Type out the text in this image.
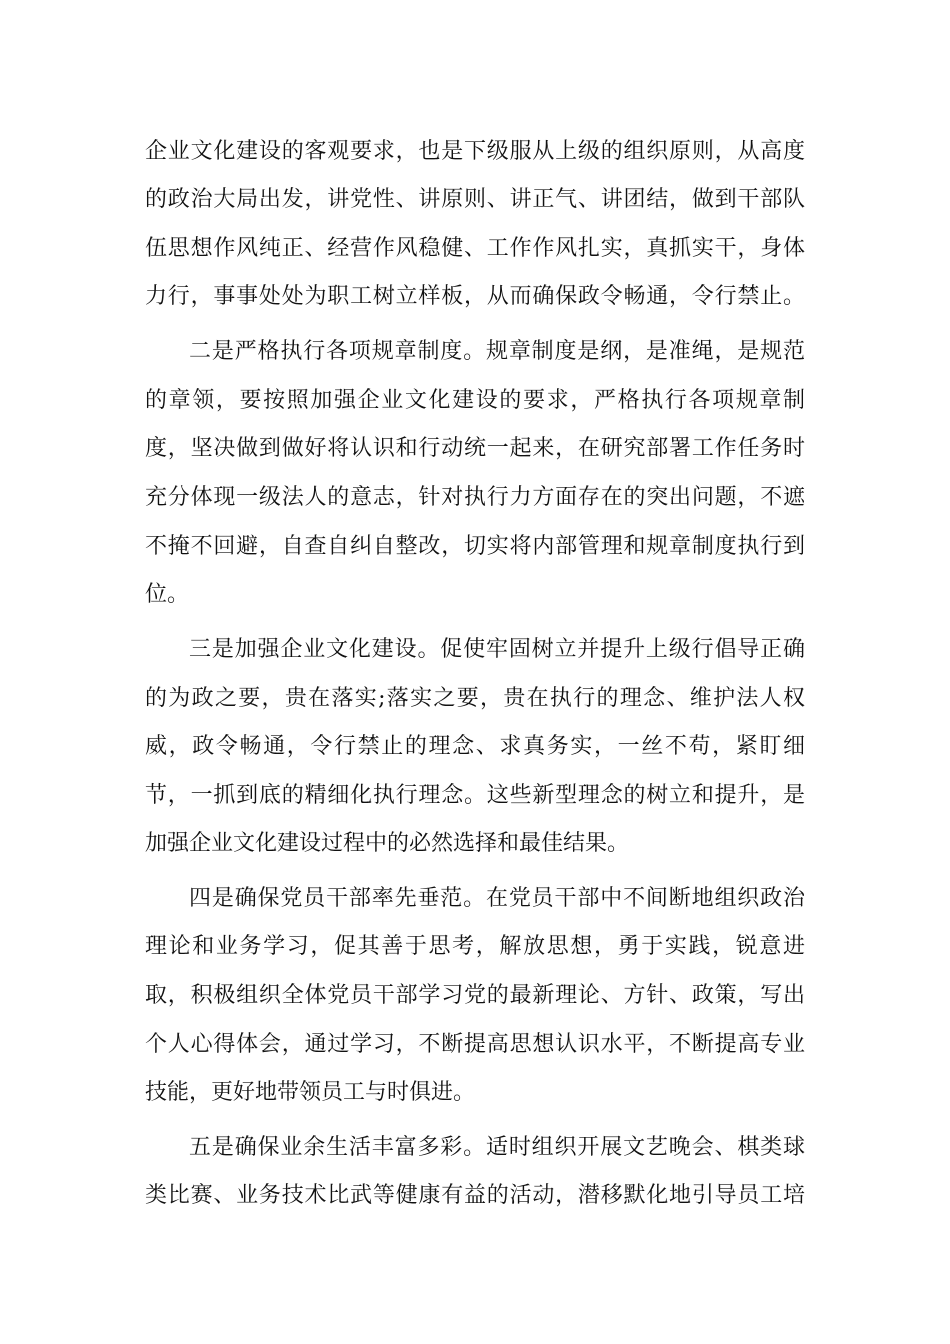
企业文化建设的客观要求，也是下级服从上级的组织原则，从高度
的政治大局出发，讲党性、讲原则、讲正气、讲团结，做到干部队
伍思想作风纯正、经营作风稳健、工作作风扎实，真抓实干，身体
力行，事事处处为职工树立样板，从而确保政令畅通，令行禁止。
二是严格执行各项规章制度。规章制度是纲，是准绳，是规范
的章领，要按照加强企业文化建设的要求，严格执行各项规章制
度，坚决做到做好将认识和行动统一起来，在研究部署工作任务时
充分体现一级法人的意志，针对执行力方面存在的突出问题，不遮
不掩不回避，自查自纠自整改，切实将内部管理和规章制度执行到
位。
三是加强企业文化建设。促使牢固树立并提升上级行倡导正确
的为政之要，贵在落实;落实之要，贵在执行的理念、维护法人权
威，政令畅通，令行禁止的理念、求真务实，一丝不苟，紧盯细
节，一抓到底的精细化执行理念。这些新型理念的树立和提升，是
加强企业文化建设过程中的必然选择和最佳结果。
四是确保党员干部率先垂范。在党员干部中不间断地组织政治
理论和业务学习，促其善于思考，解放思想，勇于实践，锐意进
取，积极组织全体党员干部学习党的最新理论、方针、政策，写出
个人心得体会，通过学习，不断提高思想认识水平，不断提高专业
技能，更好地带领员工与时俱进。
五是确保业余生活丰富多彩。适时组织开展文艺晚会、棋类球
类比赛、业务技术比武等健康有益的活动，潜移默化地引导员工培
